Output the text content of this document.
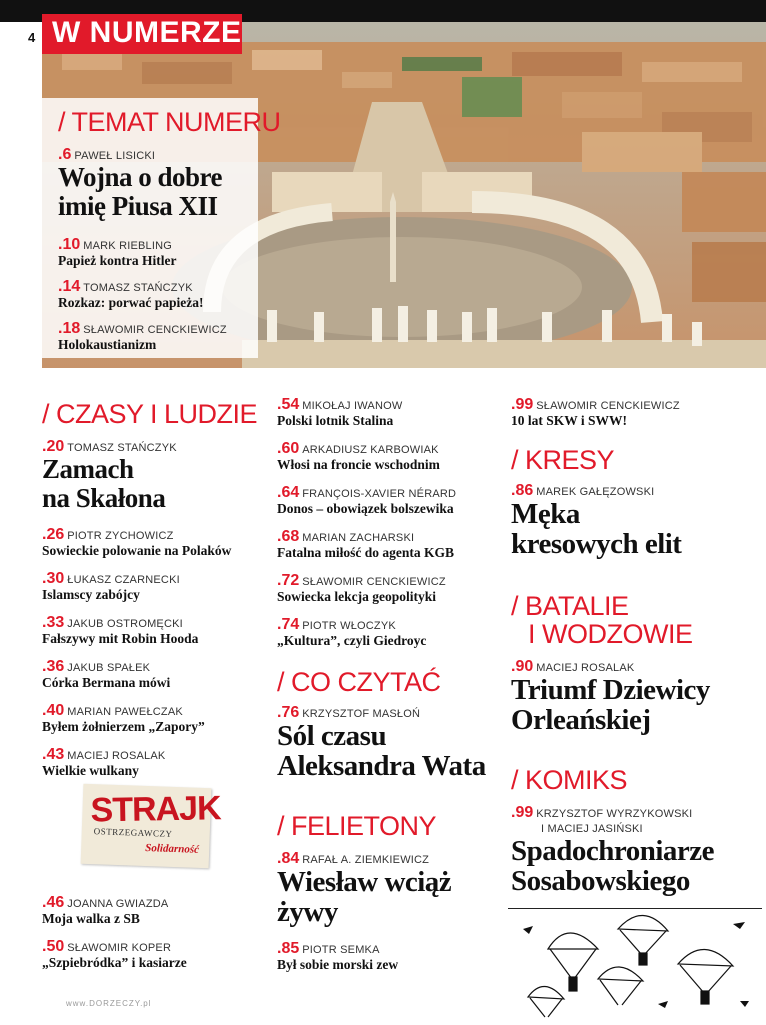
4 W NUMERZE
/ TEMAT NUMERU
.6 PAWEŁ LISICKI
Wojna o dobre
imię Piusa XII
.10 MARK RIEBLING
Papież kontra Hitler
.14 TOMASZ STAŃCZYK
Rozkaz: porwać papieża!
.18 SŁAWOMIR CENCKIEWICZ
Holokaustianizm
/ CZASY I LUDZIE
.20 TOMASZ STAŃCZYK
Zamach
na Skałona
.26 PIOTR ZYCHOWICZ
Sowieckie polowanie na Polaków
.30 ŁUKASZ CZARNECKI
Islamscy zabójcy
.33 JAKUB OSTROMĘCKI
Fałszywy mit Robin Hooda
.36 JAKUB SPAŁEK
Córka Bermana mówi
.40 MARIAN PAWEŁCZAK
Byłem żołnierzem „Zapory”
.43 MACIEJ ROSALAK
Wielkie wulkany
STRAJK
OSTRZEGAWCZY
Solidarność
.46 JOANNA GWIAZDA
Moja walka z SB
.50 SŁAWOMIR KOPER
„Szpiebródka” i kasiarze
.54 MIKOŁAJ IWANOW
Polski lotnik Stalina
.60 ARKADIUSZ KARBOWIAK
Włosi na froncie wschodnim
.64 FRANÇOIS-XAVIER NÉRARD
Donos – obowiązek bolszewika
.68 MARIAN ZACHARSKI
Fatalna miłość do agenta KGB
.72 SŁAWOMIR CENCKIEWICZ
Sowiecka lekcja geopolityki
.74 PIOTR WŁOCZYK
„Kultura”, czyli Giedroyc
/ CO CZYTAĆ
.76 KRZYSZTOF MASŁOŃ
Sól czasu
Aleksandra Wata
/ FELIETONY
.84 RAFAŁ A. ZIEMKIEWICZ
Wiesław wciąż
żywy
.85 PIOTR SEMKA
Był sobie morski zew
.99 SŁAWOMIR CENCKIEWICZ
10 lat SKW i SWW!
/ KRESY
.86 MAREK GAŁĘZOWSKI
Męka
kresowych elit
/ BATALIE
I WODZOWIE
.90 MACIEJ ROSALAK
Triumf Dziewicy
Orleańskiej
/ KOMIKS
.99 KRZYSZTOF WYRZYKOWSKI
I MACIEJ JASIŃSKI
Spadochroniarze
Sosabowskiego
www.DORZECZY.pl
